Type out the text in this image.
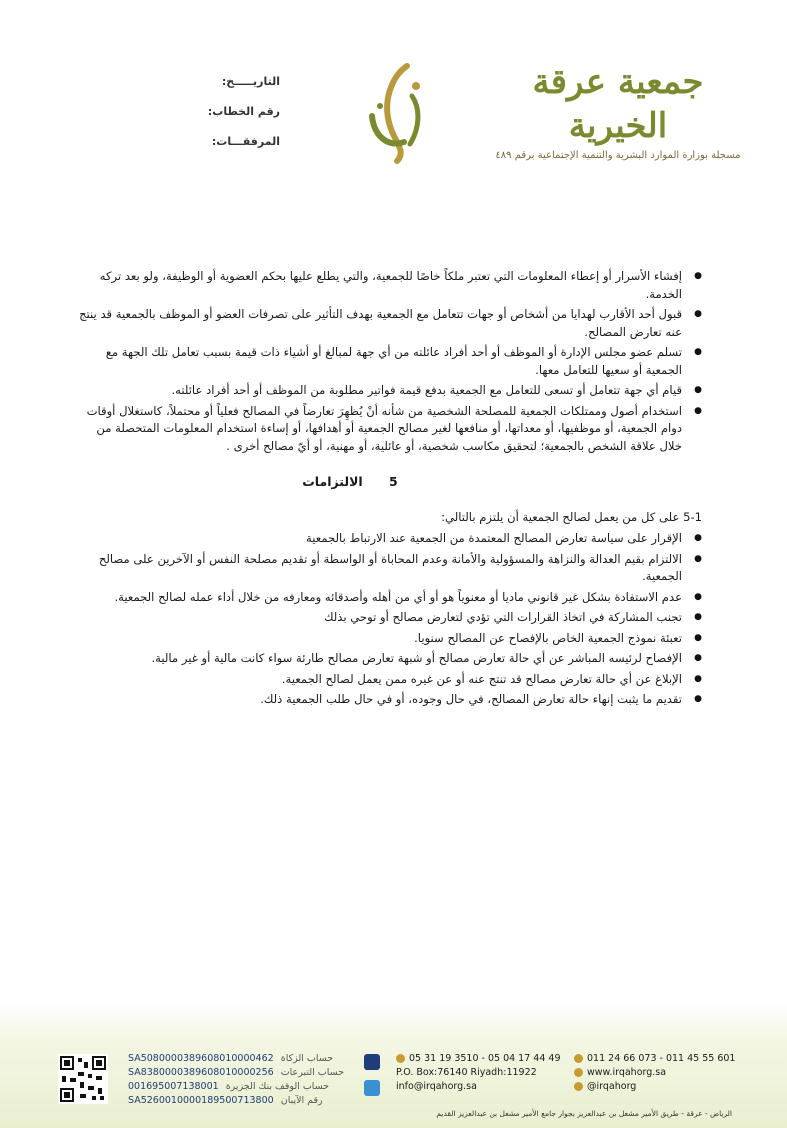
جمعية عرقة الخيرية
مسجلة بوزارة الموارد البشرية والتنمية الإجتماعية برقم ٤٨٩
التاريـــــخ:
رقم الخطاب:
المرفقـــات:
● إفشاء الأسرار أو إعطاء المعلومات التي تعتبر ملكاً خاصًا للجمعية، والتي يطلع عليها بحكم العضوية أو الوظيفة، ولو بعد تركه الخدمة.
● قبول أحد الأقارب لهدايا من أشخاص أو جهات تتعامل مع الجمعية بهدف التأثير على تصرفات العضو أو الموظف بالجمعية قد ينتج عنه تعارض المصالح.
● تسلم عضو مجلس الإدارة أو الموظف أو أحد أفراد عائلته من أي جهة لمبالغ أو أشياء ذات قيمة بسبب تعامل تلك الجهة مع الجمعية أو سعيها للتعامل معها.
● قيام أي جهة تتعامل أو تسعى للتعامل مع الجمعية بدفع قيمة فواتير مطلوبة من الموظف أو أحد أفراد عائلته.
● استخدام أصول وممتلكات الجمعية للمصلحة الشخصية من شأنه أنْ يُظهِرَ تعارضاً في المصالح فعلياً أو محتملاً، كاستغلال أوقات دوام الجمعية، أو موظفيها، أو معداتها، أو منافعها لغير مصالح الجمعية أو أهدافها، أو إساءة استخدام المعلومات المتحصلة من خلال علاقة الشخص بالجمعية؛ لتحقيق مكاسب شخصية، أو عائلية، أو مهنية، أو أيّ مصالح أخرى .
5 الالتزامات
5-1 على كل من يعمل لصالح الجمعية أن يلتزم بالتالي:
● الإقرار على سياسة تعارض المصالح المعتمدة من الجمعية عند الارتباط بالجمعية
● الالتزام بقيم العدالة والنزاهة والمسؤولية والأمانة وعدم المحاباة أو الواسطة أو تقديم مصلحة النفس أو الآخرين على مصالح الجمعية.
● عدم الاستفادة بشكل غير قانوني ماديا أو معنوياً هو أو أي من أهله وأصدقائه ومعارفه من خلال أداء عمله لصالح الجمعية.
● تجنب المشاركة في اتخاذ القرارات التي تؤدي لتعارض مصالح أو توحي بذلك
● تعبئة نموذج الجمعية الخاص بالإفصاح عن المصالح سنويا.
● الإفصاح لرئيسه المباشر عن أي حالة تعارض مصالح أو شبهة تعارض مصالح طارئة سواء كانت مالية أو غير مالية.
● الإبلاغ عن أي حالة تعارض مصالح قد تنتج عنه أو عن غيره ممن يعمل لصالح الجمعية.
● تقديم ما يثبت إنهاء حالة تعارض المصالح، في حال وجوده، أو في حال طلب الجمعية ذلك.
SA5080000389608010000462 حساب الزكاة
SA8380000389608010000256 حساب التبرعات
001695007138001 حساب الوقف بنك الجزيرة
SA5260010000189500713800 رقم الآيبان
05 31 19 3510 - 05 04 17 44 49	011 24 66 073 - 011 45 55 601
P.O. Box:76140 Riyadh:11922	www.irqahorg.sa
info@irqahorg.sa	@irqahorg
الرياض - عرقة - طريق الأمير مشعل بن عبدالعزيز بجوار جامع الأمير مشعل بن عبدالعزيز القديم
